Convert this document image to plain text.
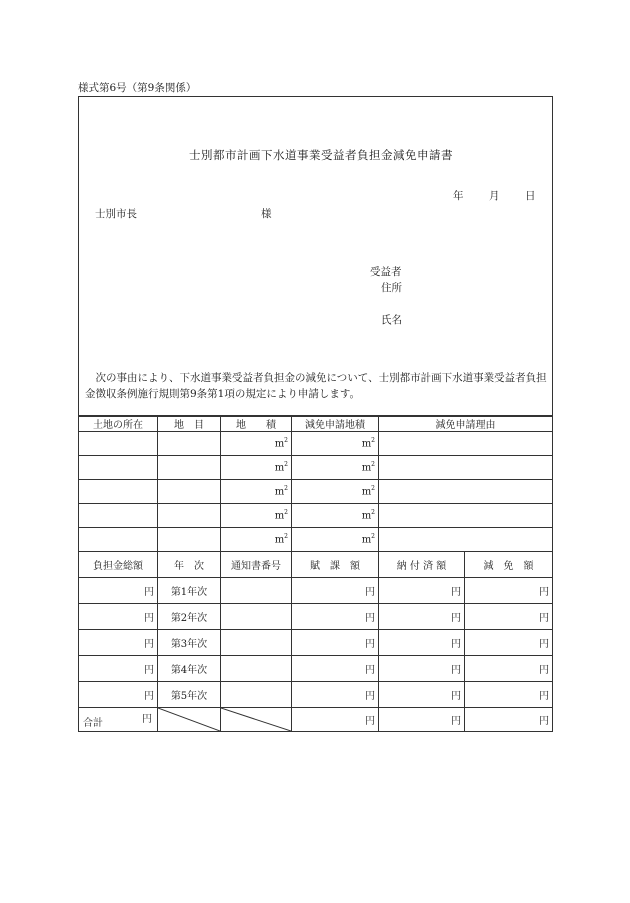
様式第6号（第9条関係）
士別都市計画下水道事業受益者負担金減免申請書
年 月 日
士別市長	様
受益者
住所
氏名
　次の事由により、下水道事業受益者負担金の減免について、士別都市計画下水道事業受益者負担金徴収条例施行規則第9条第1項の規定により申請します。
土地の所在	地　目	地　　積	減免申請地積	減免申請理由	
		$m^2$	$m^2$	
		$m^2$	$m^2$	
		$m^2$	$m^2$	
		$m^2$	$m^2$	
		$m^2$	$m^2$	
負担金総額	年　次	通知書番号	賦　課　額	納 付 済 額	減　免　額
円	第1年次		円	円	円
円	第2年次		円	円	円
円	第3年次		円	円	円
円	第4年次		円	円	円
円	第5年次		円	円	円

合計 円			円	円	円
